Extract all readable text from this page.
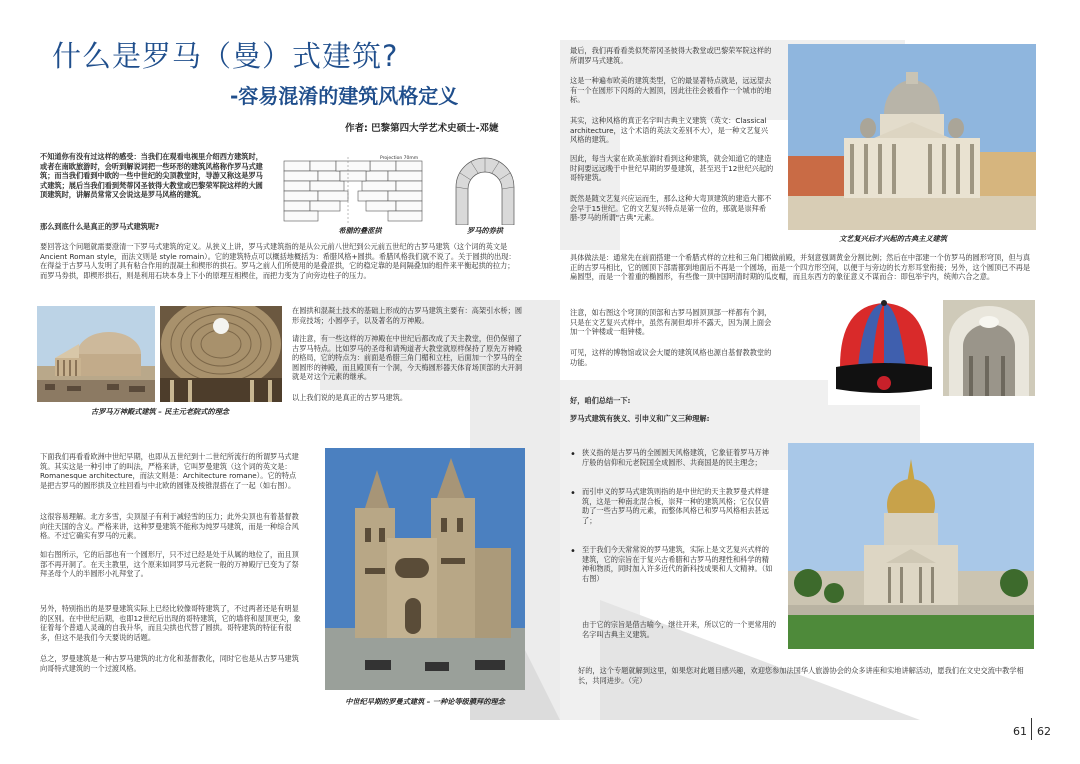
什么是罗马（曼）式建筑?
-容易混淆的建筑风格定义
作者: 巴黎第四大学艺术史硕士-邓婕

不知道你有没有过这样的感受：当我们在观看电视里介绍西方建筑时，或者在南欧旅游时，会听到解说词把一些环形的建筑风格称作罗马式建筑；而当我们看到中欧的一些中世纪的尖顶教堂时，导游又称这是罗马式建筑；展后当我们看到梵蒂冈圣彼得大教堂或巴黎荣军院这样的大圆顶建筑时，讲解员常常又会说这是罗马风格的建筑。

那么到底什么是真正的罗马式建筑呢?

Projection 70mm
希腊的叠涩拱	罗马的券拱

要回答这个问题就需要澄清一下罗马式建筑的定义。从狭义上讲，罗马式建筑指的是从公元前八世纪到公元前五世纪的古罗马建筑（这个词的英文是Ancient Roman style，而法文则是 style romain）。它的建筑特点可以概括地概括为：希腊风格+圆拱。希腊风格我们就不说了。关于圆拱的出现：在得益于古罗马人发明了具有粘合作用的混凝土和楔形的拱石。罗马之前人们所使用的是叠涩拱，它的稳定靠的是间隔叠加的组件来平衡起拱的拉力；而罗马券拱，即楔形拱石，则是利用石块本身上下小的原理互相楔住，而把力变为了向旁边柱子的压力。

古罗马万神殿式建筑 – 民主元老院式的理念

在圆拱和混凝土技术的基础上形成的古罗马建筑主要有：高架引水桥；圆形竞技场；小圆亭子，以及著名的万神殿。

请注意，有一些这样的万神殿在中世纪后都改成了天主教堂，但仍保留了古罗马特点。比如罗马的圣母和请殉道者大教堂就原样保持了原先万神殿的格局，它的特点为：前面是希腊三角门楣和立柱，后面加一个罗马的全圆圆形的神殿，而且殿顶有一个洞，今天梅圆形器天体育场顶部的大开洞就是对这个元素的继承。

以上我们说的是真正的古罗马建筑。

下面我们再看看欧洲中世纪早期，也即从五世纪到十二世纪所流行的所谓罗马式建筑。其实这是一种引申了的叫法，严格来讲，它叫罗曼建筑（这个词的英文是：Romanesque architecture，而法文则是：Architecture romane）。它的特点是把古罗马的圆形拱及立柱回看与中北欧的圆锥及棱锥混搭在了一起（如右图）。

这很容易理解。北方多雪，尖顶屋子有利于减轻雪的压力；此外尖顶也有着基督教向往天国的含义。严格来讲，这种罗曼建筑不能称为纯罗马建筑，而是一种综合风格。不过它确实有罗马的元素。

如右图所示，它的后部也有一个圆形厅，只不过已经是处于从属的地位了，而且顶部不再开洞了。在天主教里，这个原来如同罗马元老院一般的万神殿厅已变为了祭拜圣母个人的半圆形小礼拜堂了。

另外，特别指出的是罗曼建筑实际上已经比较像哥特建筑了，不过两者还是有明显的区别。在中世纪后期，也即12世纪后出现的哥特建筑，它的墙将和屋顶更尖，象征着每个普通人灵魂的自我升华，而且尖拱也代替了圆拱。哥特建筑的特征有很多，但这不是我们今天要说的话题。

总之，罗曼建筑是一种古罗马建筑的北方化和基督教化，同时它也是从古罗马建筑向哥特式建筑的一个过渡风格。

中世纪早期的罗曼式建筑 – 一种论等级膜拜的理念

最后，我们再看看类似梵蒂冈圣彼得大教堂或巴黎荣军院这样的所谓罗马式建筑。

这是一种遍布欧美的建筑类型，它的最显著特点就是，远远望去有一个在圆形下闪烁的大圆顶，因此往往会被看作一个城市的地标。

其实，这种风格的真正名字叫古典主义建筑（英文：Classical architecture，这个术语的英法文差别不大），是一种文艺复兴风格的建筑。

因此，每当大家在欧美旅游时看到这种建筑，就会知道它的建造时间要远远晚于中世纪早期的罗曼建筑，甚至迟于12世纪兴起的哥特建筑。

既然是随文艺复兴应运而生，那么这种大弯顶建筑的建造大都不会早于15世纪。它的文艺复兴特点是第一位的，那就是崇拜希腊-罗马的所谓"古典"元素。

文艺复兴后才兴起的古典主义建筑

具体做法是：通常先在前面搭建一个希腊式样的立柱和三角门楣做前殿，并刻意强调黄金分割比例；然后在中部建一个仿罗马的圆形穹顶，但与真正的古罗马相比，它的圆顶下部需都到地面后不再是一个圆场，而是一个四方形空间，以便于与旁边的长方形耳堂衔接；另外，这个圆顶已不再是扁圆型，而是一个着重的椭圆形，有些像一顶中国明清时期的瓜皮帽，而且东西方的象征意义不谋而合：即包举宇内，统帅六合之意。

注意，如右图这个穹顶的顶部和古罗马圆顶顶部一样都有个洞，只是在文艺复兴式样中，虽然有洞但却并不露天，因为洞上面会加一个钟楼或一组钟楼。

可见，这样的博物馆或议会大厦的建筑风格也源自基督教教堂的功能。

好，咱们总结一下:
罗马式建筑有狭义、引申义和广义三种理解:
• 狭义指的是古罗马的全圆圆天风格建筑，它象征着罗马万神庁般的信仰和元老院国全成圆形、共商国是的民主理念；
• 而引申义的罗马式建筑则指的是中世纪的天主教罗曼式样建筑，这是一种南北混合板，崇拜一种的建筑风格；它仅仅借助了一些古罗马的元素，而整体风格已和罗马风格相去甚远了；
• 至于我们今天常常说的罗马建筑，实际上是文艺复兴式样的建筑，它的宗旨在于复兴古希腊和古罗马的理性和科学的精神和物质，同时加入许多近代的新科技成果和人文精神。（如右图）

由于它的宗旨是借古喻今，继往开来，所以它的一个更常用的名字叫古典主义建筑。

好的，这个专题就解到这里，如果您对此题目感兴趣，欢迎您参加法国华人旅游协会的众多讲座和实地讲解活动，愿我们在文史交流中教学相长，共同进步。（完）

61 62
